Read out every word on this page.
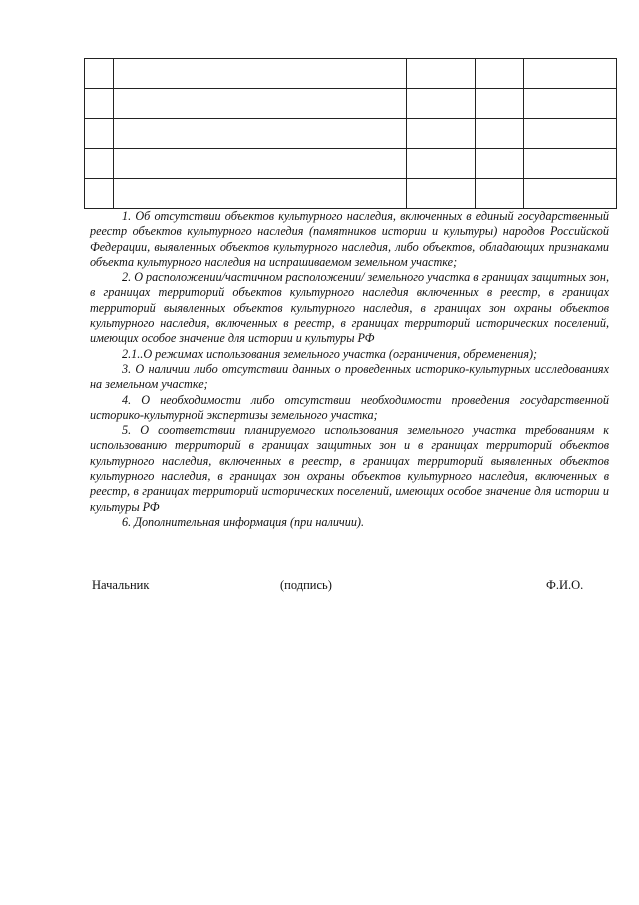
1. Об отсутствии объектов культурного наследия, включенных в единый государственный реестр объектов культурного наследия (памятников истории и культуры) народов Российской Федерации, выявленных объектов культурного наследия, либо объектов, обладающих признаками объекта культурного наследия на испрашиваемом земельном участке;

2. О расположении/частичном расположении/ земельного участка в границах защитных зон, в границах территорий объектов культурного наследия включенных в реестр, в границах территорий выявленных объектов культурного наследия, в границах зон охраны объектов культурного наследия, включенных в реестр, в границах территорий исторических поселений, имеющих особое значение для истории и культуры РФ

2.1..О режимах использования земельного участка (ограничения, обременения);

3. О наличии либо отсутствии данных о проведенных историко-культурных исследованиях на земельном участке;

4. О необходимости либо отсутствии необходимости проведения государственной историко-культурной экспертизы земельного участка;

5. О соответствии планируемого использования земельного участка требованиям к использованию территорий в границах защитных зон и в границах территорий объектов культурного наследия, включенных в реестр, в границах территорий выявленных объектов культурного наследия, в границах зон охраны объектов культурного наследия, включенных в реестр, в границах территорий исторических поселений, имеющих особое значение для истории и культуры РФ

6. Дополнительная информация (при наличии).

Начальник	(подпись)	Ф.И.О.
